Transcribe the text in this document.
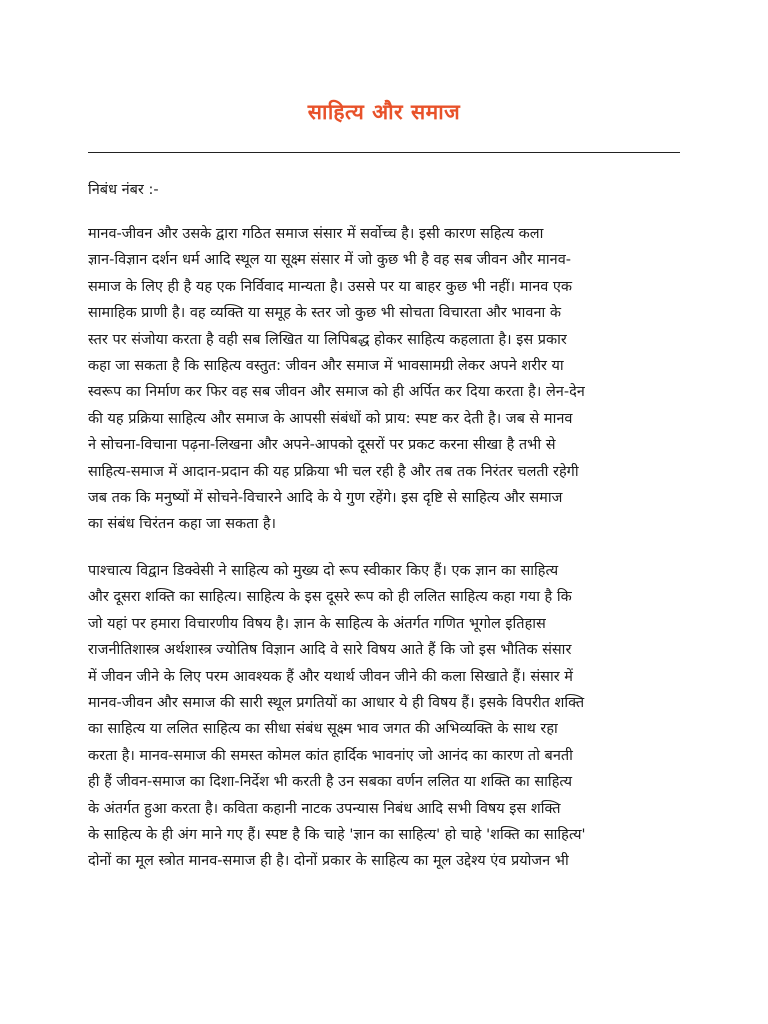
साहित्य और समाज
निबंध नंबर :-
मानव-जीवन और उसके द्वारा गठित समाज संसार में सर्वोच्च है। इसी कारण सहित्य कला
ज्ञान-विज्ञान दर्शन धर्म आदि स्थूल या सूक्ष्म संसार में जो कुछ भी है वह सब जीवन और मानव-
समाज के लिए ही है यह एक निर्विवाद मान्यता है। उससे पर या बाहर कुछ भी नहीं। मानव एक
सामाहिक प्राणी है। वह व्यक्ति या समूह के स्तर जो कुछ भी सोचता विचारता और भावना के
स्तर पर संजोया करता है वही सब लिखित या लिपिबद्ध होकर साहित्य कहलाता है। इस प्रकार
कहा जा सकता है कि साहित्य वस्तुत: जीवन और समाज में भावसामग्री लेकर अपने शरीर या
स्वरूप का निर्माण कर फिर वह सब जीवन और समाज को ही अर्पित कर दिया करता है। लेन-देन
की यह प्रक्रिया साहित्य और समाज के आपसी संबंधों को प्राय: स्पष्ट कर देती है। जब से मानव
ने सोचना-विचाना पढ़ना-लिखना और अपने-आपको दूसरों पर प्रकट करना सीखा है तभी से
साहित्य-समाज में आदान-प्रदान की यह प्रक्रिया भी चल रही है और तब तक निरंतर चलती रहेगी
जब तक कि मनुष्यों में सोचने-विचारने आदि के ये गुण रहेंगे। इस दृष्टि से साहित्य और समाज
का संबंध चिरंतन कहा जा सकता है।
पाश्चात्य विद्वान डिक्वेसी ने साहित्य को मुख्य दो रूप स्वीकार किए हैं। एक ज्ञान का साहित्य
और दूसरा शक्ति का साहित्य। साहित्य के इस दूसरे रूप को ही ललित साहित्य कहा गया है कि
जो यहां पर हमारा विचारणीय विषय है। ज्ञान के साहित्य के अंतर्गत गणित भूगोल इतिहास
राजनीतिशास्त्र अर्थशास्त्र ज्योतिष विज्ञान आदि वे सारे विषय आते हैं कि जो इस भौतिक संसार
में जीवन जीने के लिए परम आवश्यक हैं और यथार्थ जीवन जीने की कला सिखाते हैं। संसार में
मानव-जीवन और समाज की सारी स्थूल प्रगतियों का आधार ये ही विषय हैं। इसके विपरीत शक्ति
का साहित्य या ललित साहित्य का सीधा संबंध सूक्ष्म भाव जगत की अभिव्यक्ति के साथ रहा
करता है। मानव-समाज की समस्त कोमल कांत हार्दिक भावनांए जो आनंद का कारण तो बनती
ही हैं जीवन-समाज का दिशा-निर्देश भी करती है उन सबका वर्णन ललित या शक्ति का साहित्य
के अंतर्गत हुआ करता है। कविता कहानी नाटक उपन्यास निबंध आदि सभी विषय इस शक्ति
के साहित्य के ही अंग माने गए हैं। स्पष्ट है कि चाहे 'ज्ञान का साहित्य' हो चाहे 'शक्ति का साहित्य'
दोनों का मूल स्त्रोत मानव-समाज ही है। दोनों प्रकार के साहित्य का मूल उद्देश्य एंव प्रयोजन भी
